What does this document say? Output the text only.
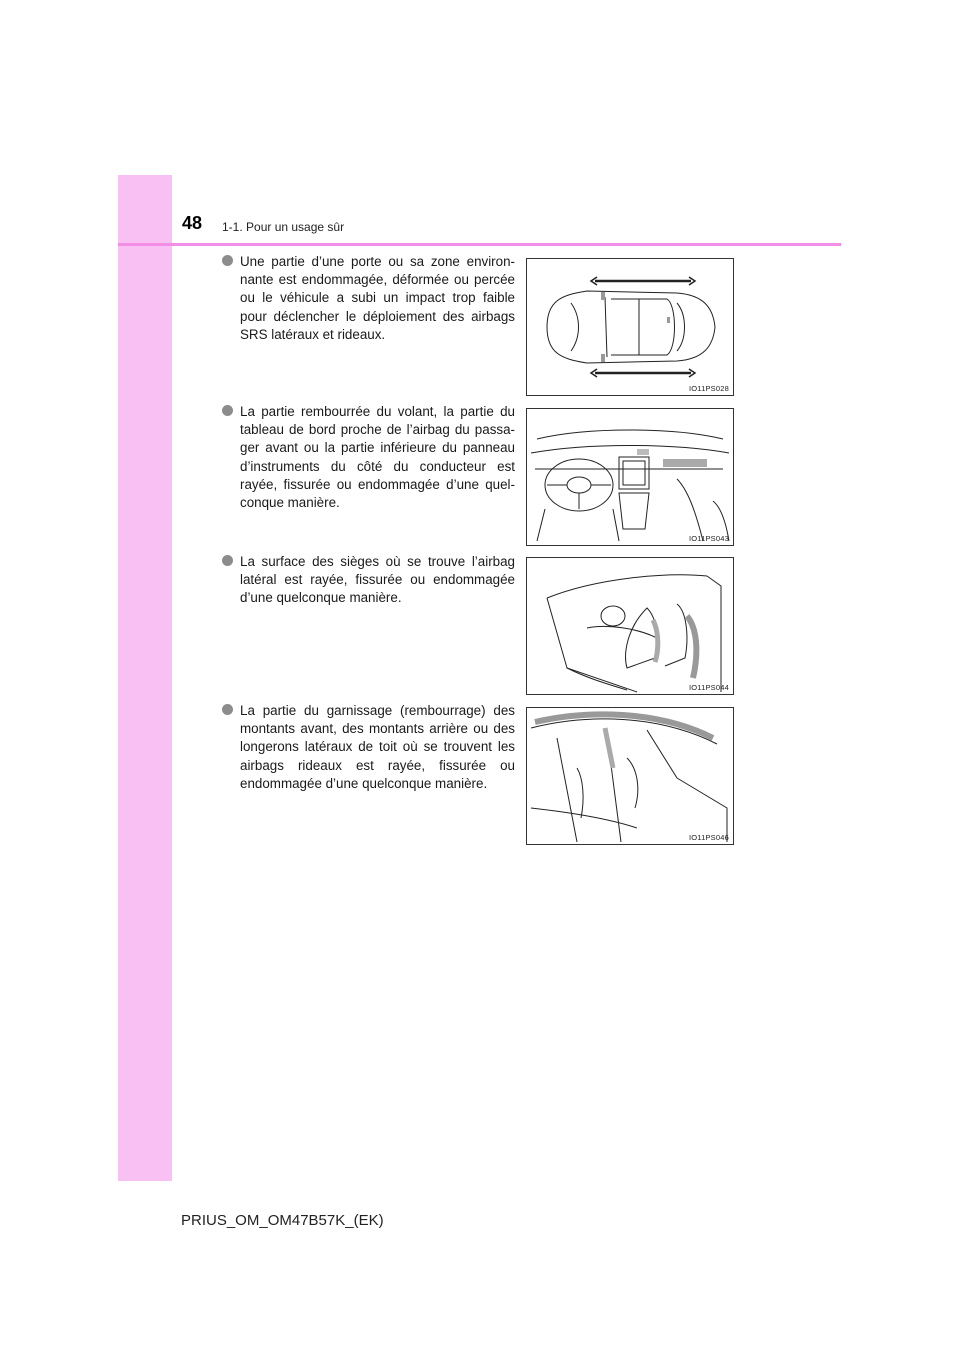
48 1-1. Pour un usage sûr

Une partie d’une porte ou sa zone environ-nante est endommagée, déformée ou percée ou le véhicule a subi un impact trop faible pour déclencher le déploiement des airbags SRS latéraux et rideaux.

IO11PS028

La partie rembourrée du volant, la partie du tableau de bord proche de l’airbag du passa-ger avant ou la partie inférieure du panneau d’instruments du côté du conducteur est rayée, fissurée ou endommagée d’une quel-conque manière.

IO11PS043

La surface des sièges où se trouve l’airbag latéral est rayée, fissurée ou endommagée d’une quelconque manière.

IO11PS044

La partie du garnissage (rembourrage) des montants avant, des montants arrière ou des longerons latéraux de toit où se trouvent les airbags rideaux est rayée, fissurée ou endommagée d’une quelconque manière.

IO11PS046
PRIUS_OM_OM47B57K_(EK)
